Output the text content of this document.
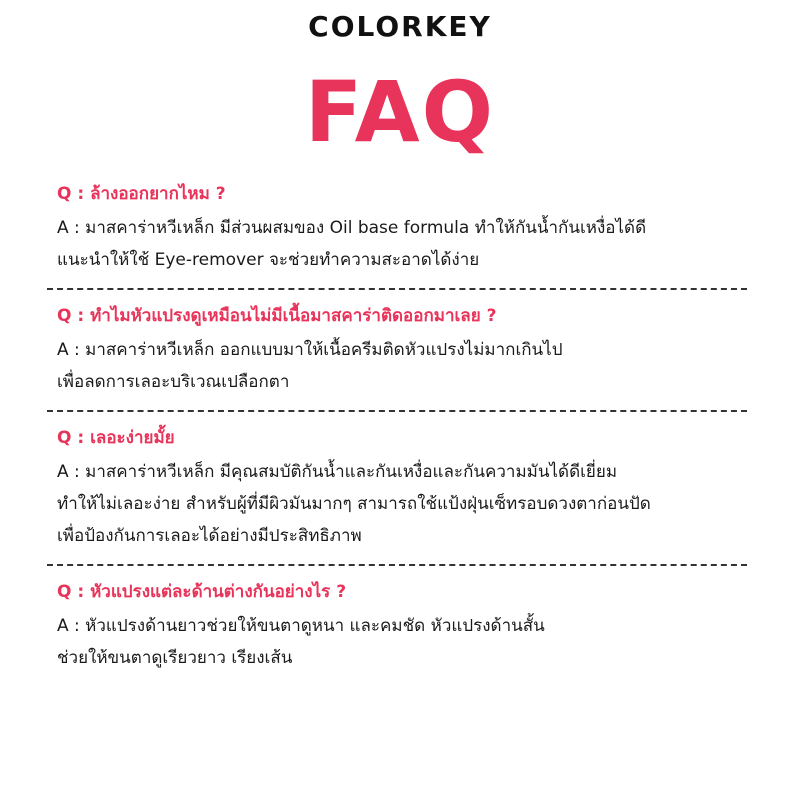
COLORKEY
FAQ
Q : ล้างออกยากไหม ?
A : มาสคาร่าหวีเหล็ก มีส่วนผสมของ Oil base formula ทำให้กันน้ำกันเหงื่อได้ดี
แนะนำให้ใช้ Eye-remover จะช่วยทำความสะอาดได้ง่าย
Q : ทำไมหัวแปรงดูเหมือนไม่มีเนื้อมาสคาร่าติดออกมาเลย ?
A : มาสคาร่าหวีเหล็ก ออกแบบมาให้เนื้อครีมติดหัวแปรงไม่มากเกินไป
เพื่อลดการเลอะบริเวณเปลือกตา
Q : เลอะง่ายมั้ย
A : มาสคาร่าหวีเหล็ก มีคุณสมบัติกันน้ำและกันเหงื่อและกันความมันได้ดีเยี่ยม
ทำให้ไม่เลอะง่าย สำหรับผู้ที่มีผิวมันมากๆ สามารถใช้แป้งฝุ่นเซ็ทรอบดวงตาก่อนปัด
เพื่อป้องกันการเลอะได้อย่างมีประสิทธิภาพ
Q : หัวแปรงแต่ละด้านต่างกันอย่างไร ?
A : หัวแปรงด้านยาวช่วยให้ขนตาดูหนา และคมชัด หัวแปรงด้านสั้น
ช่วยให้ขนตาดูเรียวยาว เรียงเส้น
